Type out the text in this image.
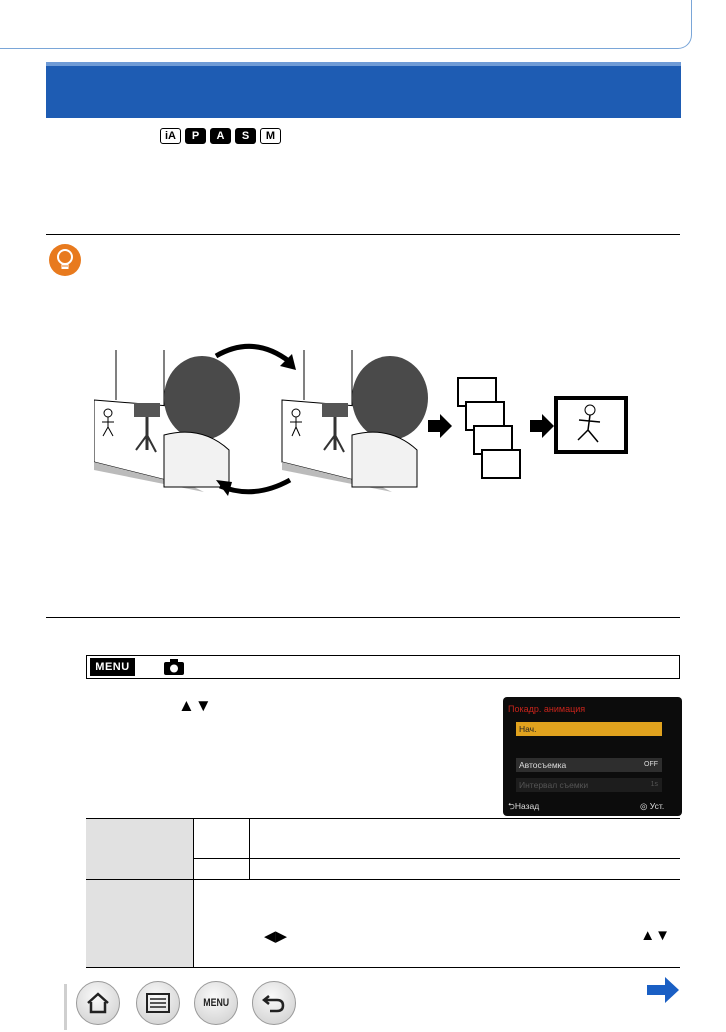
iA	P	A	S	M
MENU
▲▼	Покадр. анимация
Нач.
Автосъемка	OFF
Интервал съемки	1s
⮌Назад	◎ Уст.

	◀▶ ▲▼	
MENU
